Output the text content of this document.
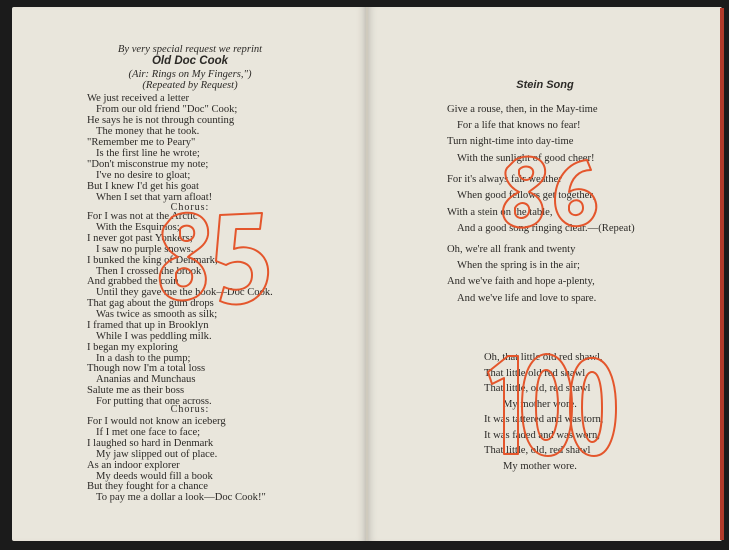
By very special request we reprint
Old Doc Cook
(Air: Rings on My Fingers,")
(Repeated by Request)
We just received a letter
From our old friend "Doc" Cook;
He says he is not through counting
The money that he took.
"Remember me to Peary"
Is the first line he wrote;
"Don't misconstrue my note;
I've no desire to gloat;
But I knew I'd get his goat
When I set that yarn afloat!
Chorus:
For I was not at the Arctic
With the Esquimos;
I never got past Yonkers;
I saw no purple snows.
I bunked the king of Denmark,
Then I crossed the brook
And grabbed the coin
Until they gave me the hook—Doc Cook.
That gag about the gum drops
Was twice as smooth as silk;
I framed that up in Brooklyn
While I was peddling milk.
I began my exploring
In a dash to the pump;
Though now I'm a total loss
Ananias and Munchaus
Salute me as their boss
For putting that one across.
Chorus:
For I would not know an iceberg
If I met one face to face;
I laughed so hard in Denmark
My jaw slipped out of place.
As an indoor explorer
My deeds would fill a book
But they fought for a chance
To pay me a dollar a look—Doc Cook!"
Stein Song
Give a rouse, then, in the May-time
For a life that knows no fear!
Turn night-time into day-time
With the sunlight of good cheer!
For it's always fair weather
When good fellows get together,
With a stein on the table,
And a good song ringing clear.—(Repeat)
Oh, we're all frank and twenty
When the spring is in the air;
And we've faith and hope a-plenty,
And we've life and love to spare.
Oh, that little old red shawl,
That little old red shawl,
That little, old, red shawl
My mother wore.
It was tattered and was torn,
It was faded and was worn,
That little, old, red shawl
My mother wore.
